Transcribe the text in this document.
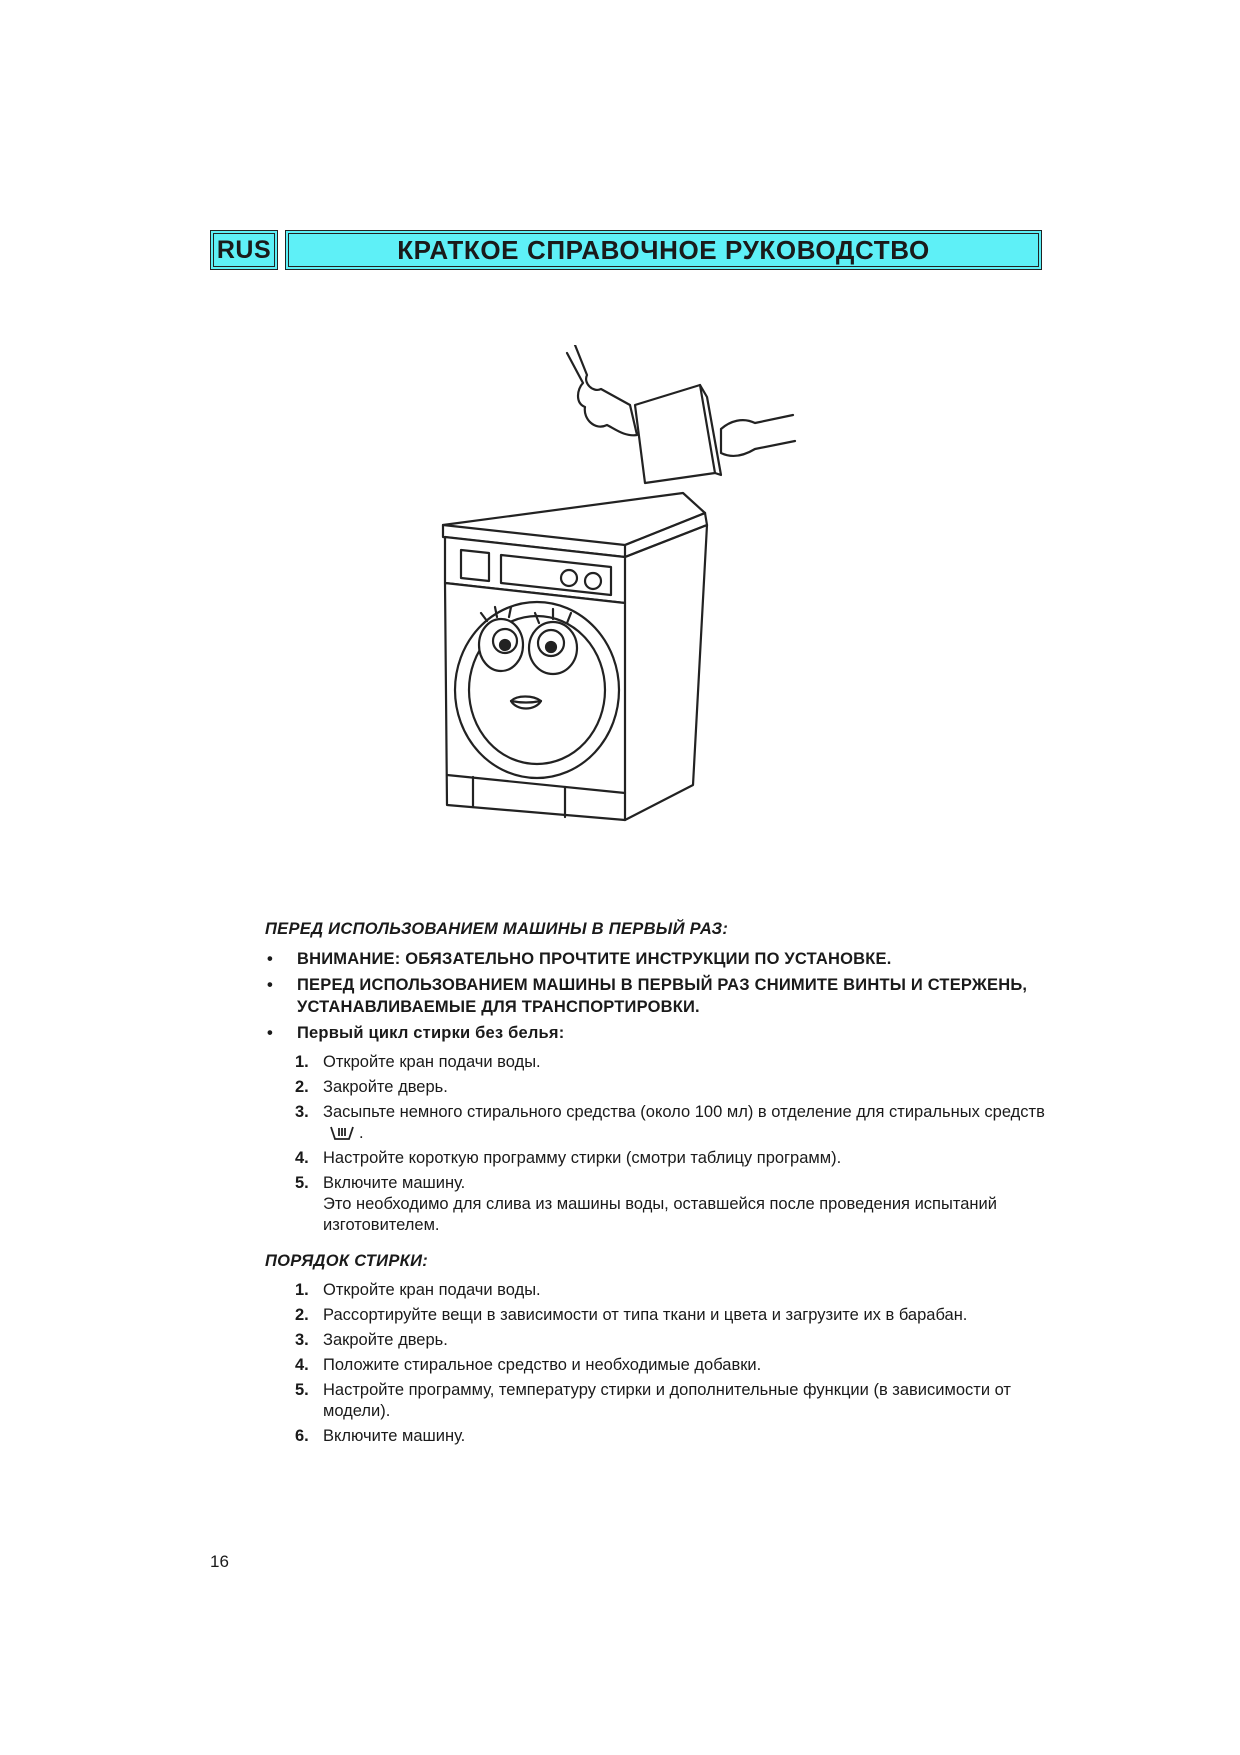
RUS	КРАТКОЕ СПРАВОЧНОЕ РУКОВОДСТВО
ПЕРЕД ИСПОЛЬЗОВАНИЕМ МАШИНЫ В ПЕРВЫЙ РАЗ:
• ВНИМАНИЕ: ОБЯЗАТЕЛЬНО ПРОЧТИТЕ ИНСТРУКЦИИ ПО УСТАНОВКЕ.
• ПЕРЕД ИСПОЛЬЗОВАНИЕМ МАШИНЫ В ПЕРВЫЙ РАЗ СНИМИТЕ ВИНТЫ И СТЕРЖЕНЬ, УСТАНАВЛИВАЕМЫЕ ДЛЯ ТРАНСПОРТИРОВКИ.
• Первый цикл стирки без белья:
1. Откройте кран подачи воды.
2. Закройте дверь.
3. Засыпьте немного стирального средства (около 100 мл) в отделение для стиральных средств.
4. Настройте короткую программу стирки (смотри таблицу программ).
5. Включите машину.
Это необходимо для слива из машины воды, оставшейся после проведения испытаний изготовителем.
ПОРЯДОК СТИРКИ:
1. Откройте кран подачи воды.
2. Рассортируйте вещи в зависимости от типа ткани и цвета и загрузите их в барабан.
3. Закройте дверь.
4. Положите стиральное средство и необходимые добавки.
5. Настройте программу, температуру стирки и дополнительные функции (в зависимости от модели).
6. Включите машину.
16
